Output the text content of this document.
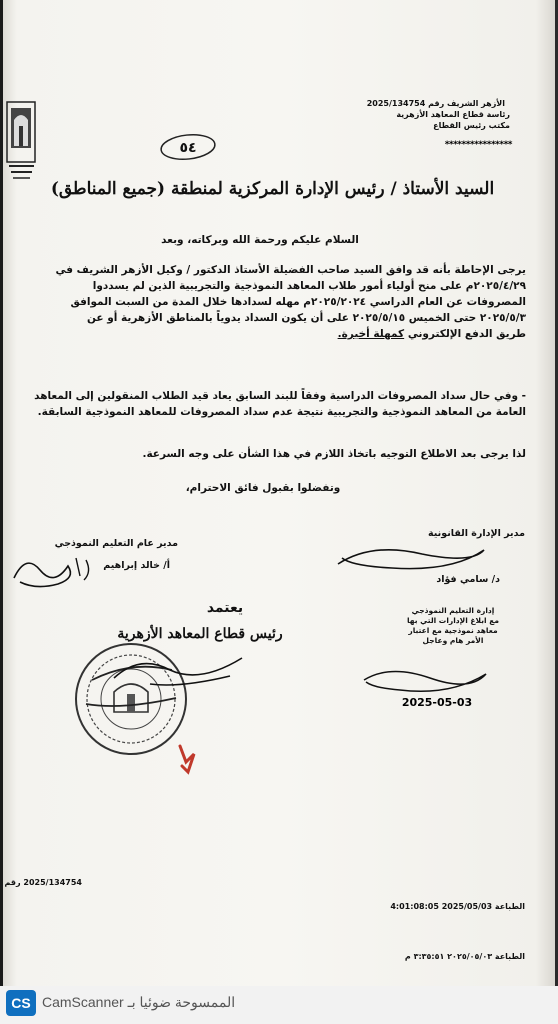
الأزهر الشريف رقم 2025/134754
رئاسة قطاع المعاهد الأزهرية
مكتب رئيس القطاع
****************
٥٤
السيد الأستاذ / رئيس الإدارة المركزية لمنطقة (جميع المناطق)
السلام عليكم ورحمة الله وبركاته، وبعد

يرجى الإحاطة بأنه قد وافق السيد صاحب الفضيلة الأستاذ الدكتور / وكيل الأزهر الشريف في

٢٠٢٥/٤/٢٩م على منح أولياء أمور طلاب المعاهد النموذجية والتجريبية الذين لم يسددوا

المصروفات عن العام الدراسي ٢٠٢٥/٢٠٢٤م مهله لسدادها خلال المدة من السبت الموافق

٢٠٢٥/٥/٣ حتى الخميس ٢٠٢٥/٥/١٥ على أن يكون السداد يدوياً بالمناطق الأزهرية أو عن

طريق الدفع الإلكتروني كمهلة أخيرة.

- وفي حال سداد المصروفات الدراسية وفقاً للبند السابق يعاد قيد الطلاب المنقولين إلى المعاهد
العامة من المعاهد النموذجية والتجريبية نتيجة عدم سداد المصروفات للمعاهد النموذجية السابقة.
لذا يرجى بعد الاطلاع التوجيه باتخاذ اللازم في هذا الشأن على وجه السرعة.
وتفضلوا بقبول فائق الاحترام،
مدير عام التعليم النموذجي
أ/ خالد إبراهيم
مدير الإدارة القانونية
د/ سامي فؤاد
يعتمد
رئيس قطاع المعاهد الأزهرية
إدارة التعليم النموذجي
مع ابلاغ الإدارات التي بها
معاهد نموذجية مع اعتبار
الأمر هام وعاجل
2025-05-03
2025/134754 رقم
الطباعة 2025/05/03 4:01:08:05
الطباعة ٢٠٢٥/٠٥/٠٣ ٣:٣٥:٥١ م
CS الممسوحة ضوئيا بـ CamScanner
